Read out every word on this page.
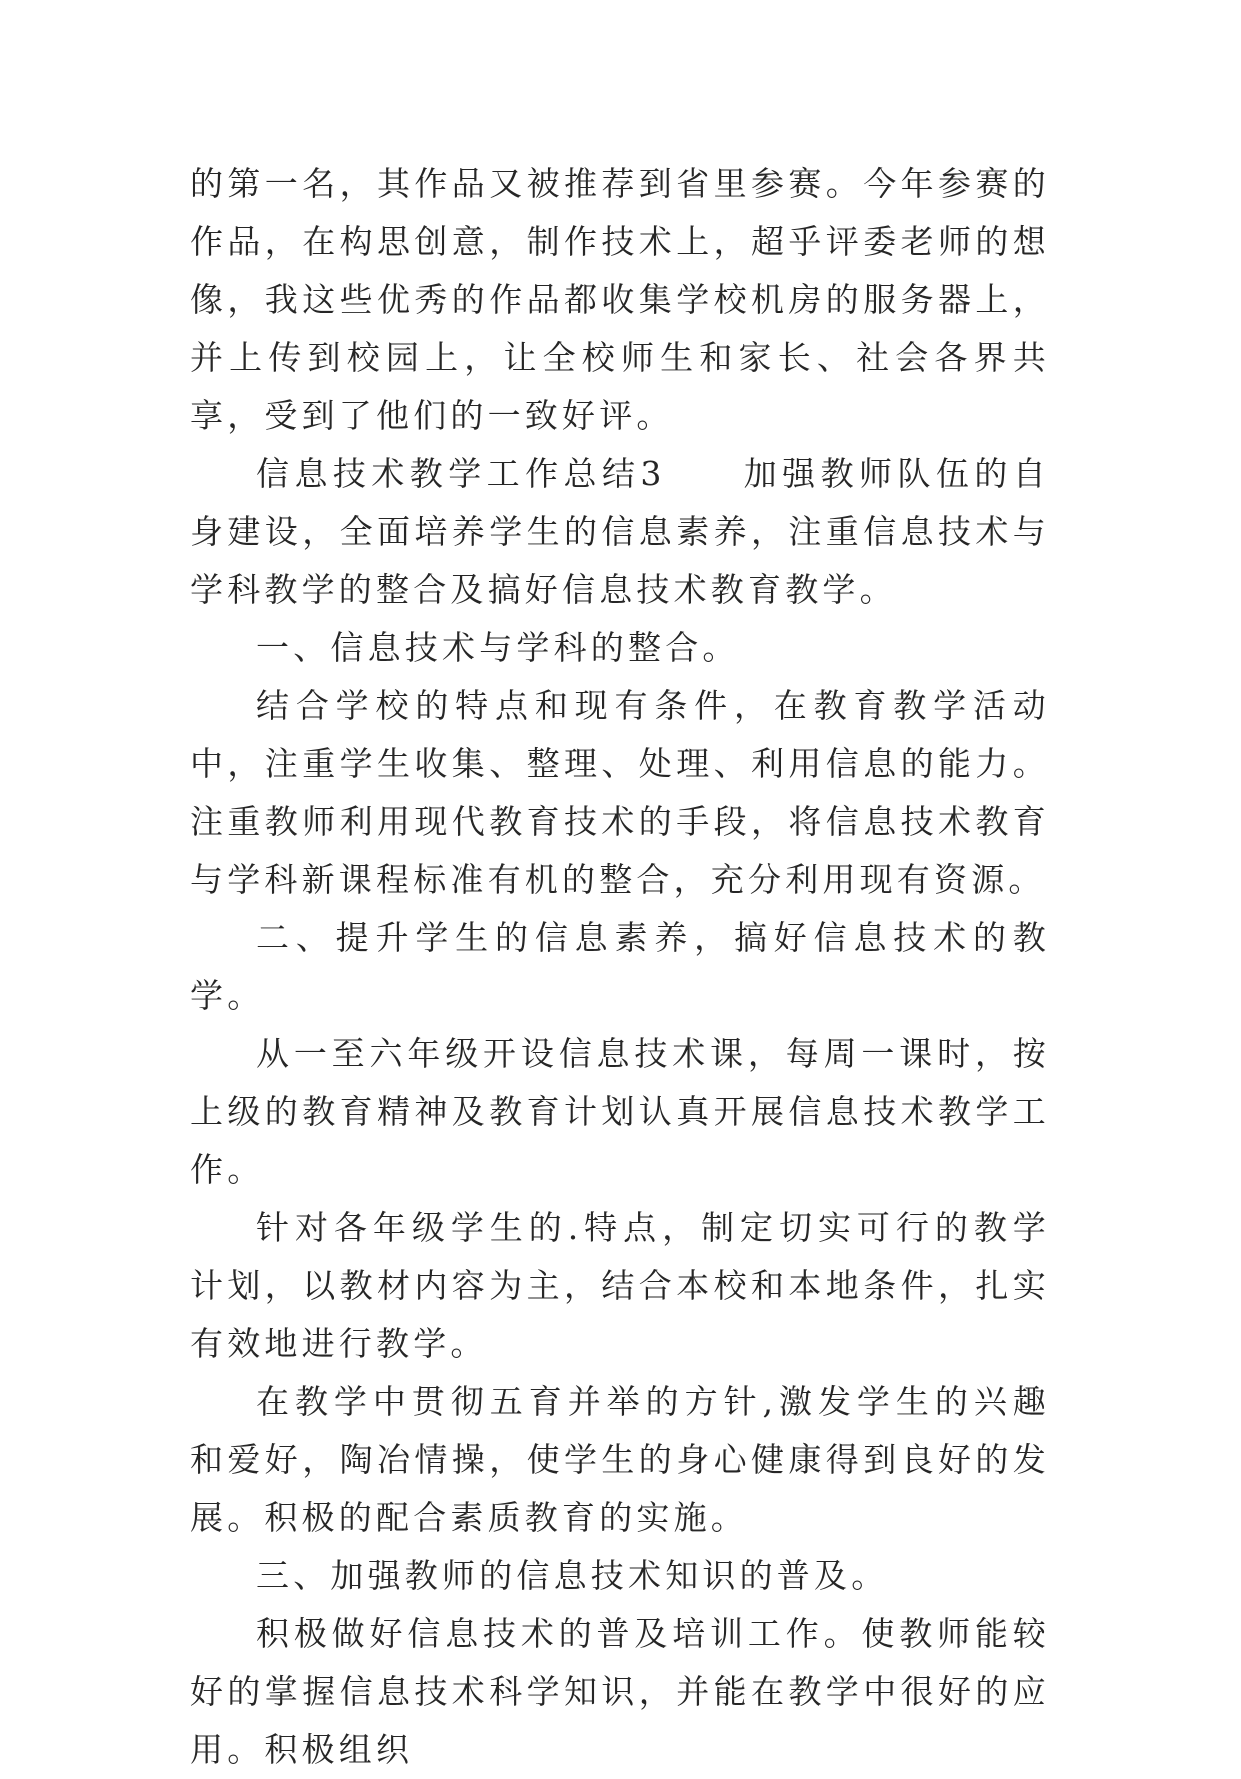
的第一名，其作品又被推荐到省里参赛。今年参赛的作品，在构思创意，制作技术上，超乎评委老师的想像，我这些优秀的作品都收集学校机房的服务器上，并上传到校园上，让全校师生和家长、社会各界共享，受到了他们的一致好评。

信息技术教学工作总结3　　加强教师队伍的自身建设，全面培养学生的信息素养，注重信息技术与学科教学的整合及搞好信息技术教育教学。

一、信息技术与学科的整合。

结合学校的特点和现有条件，在教育教学活动中，注重学生收集、整理、处理、利用信息的能力。注重教师利用现代教育技术的手段，将信息技术教育与学科新课程标准有机的整合，充分利用现有资源。

二、提升学生的信息素养，搞好信息技术的教学。

从一至六年级开设信息技术课，每周一课时，按上级的教育精神及教育计划认真开展信息技术教学工作。

针对各年级学生的.特点，制定切实可行的教学计划，以教材内容为主，结合本校和本地条件，扎实有效地进行教学。

在教学中贯彻五育并举的方针,激发学生的兴趣和爱好，陶冶情操，使学生的身心健康得到良好的发展。积极的配合素质教育的实施。

三、加强教师的信息技术知识的普及。

积极做好信息技术的普及培训工作。使教师能较好的掌握信息技术科学知识，并能在教学中很好的应用。积极组织
